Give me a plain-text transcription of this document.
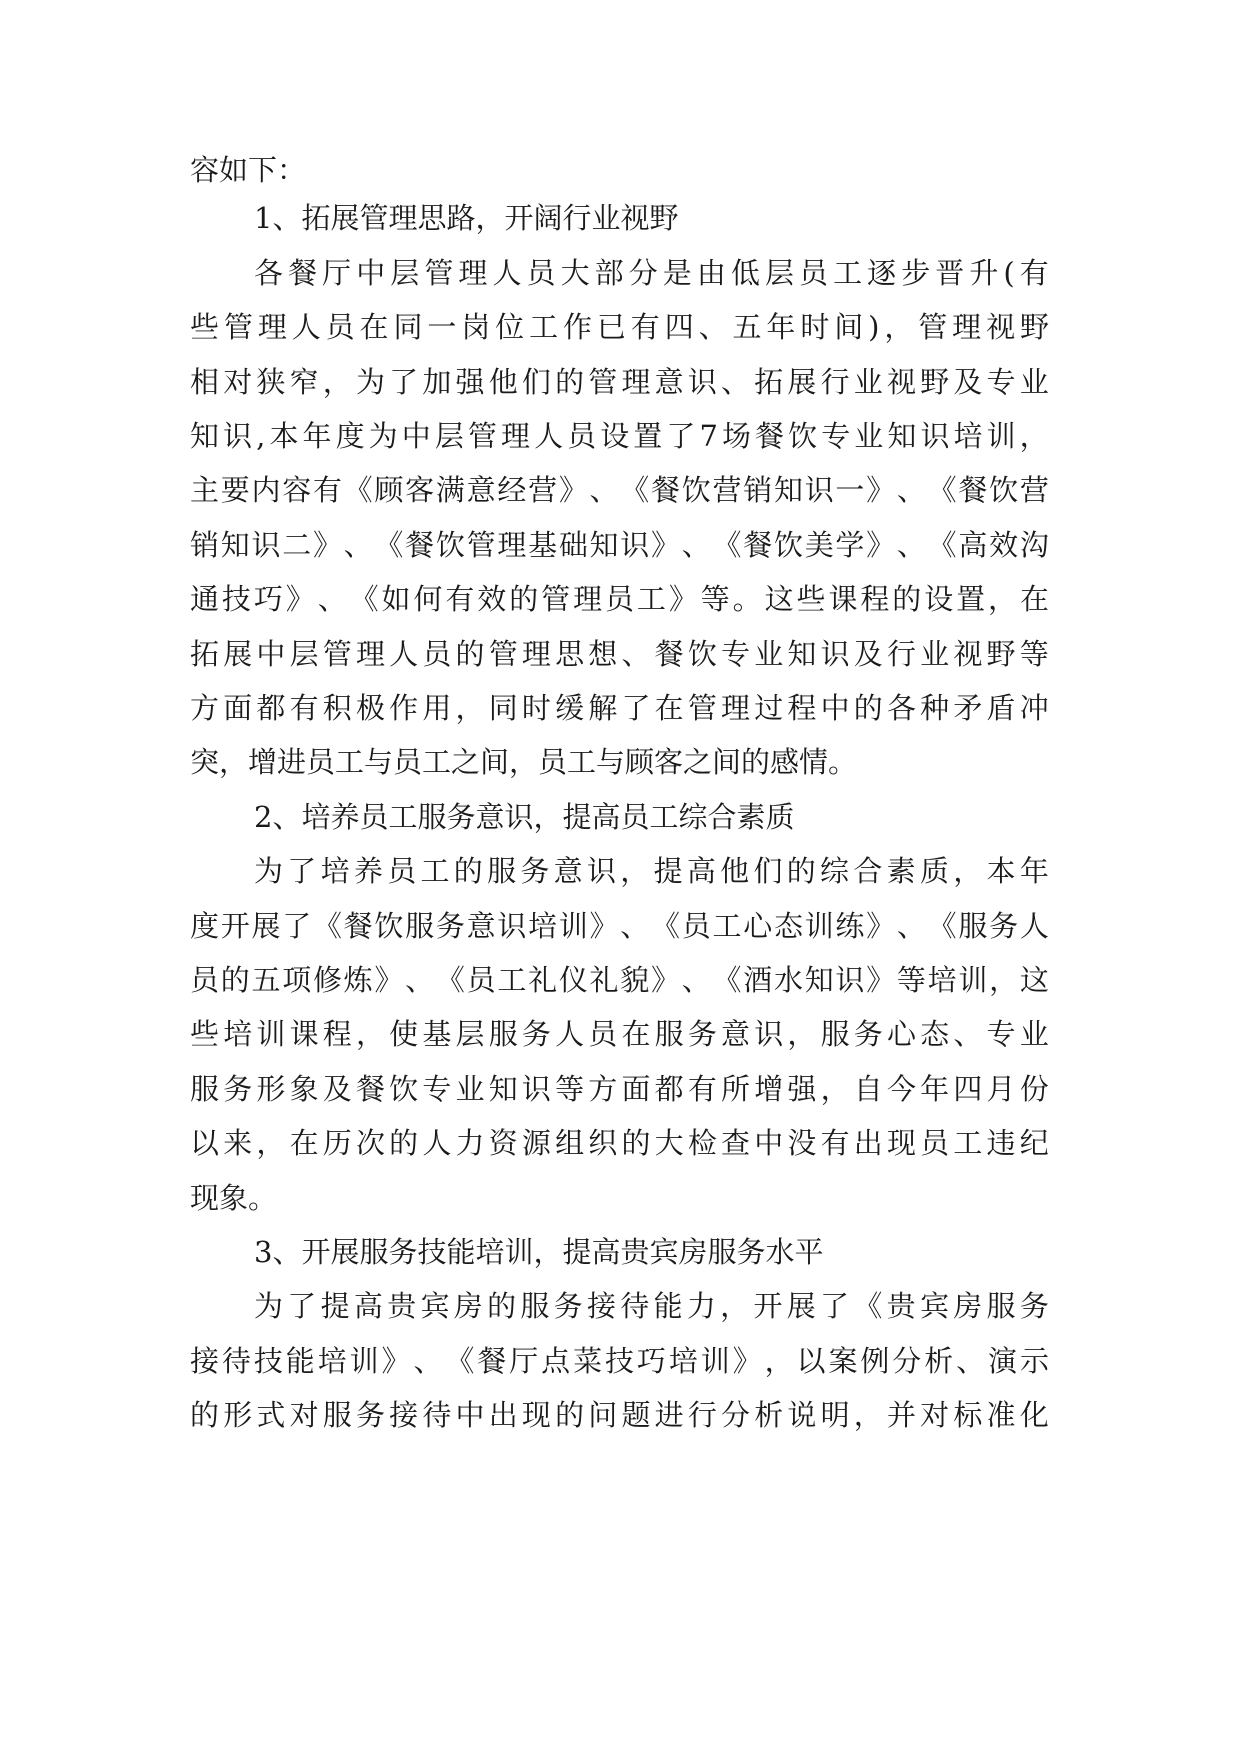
容如下：
1、拓展管理思路，开阔行业视野
各 餐 厅 中 层 管 理 人 员 大 部 分 是 由 低 层 员 工 逐 步 晋 升 ( 有
些 管 理 人 员 在 同 一 岗 位 工 作 已 有 四 、 五 年 时 间 ) ， 管 理 视 野
相 对 狭 窄 ， 为 了 加 强 他 们 的 管 理 意 识 、 拓 展 行 业 视 野 及 专 业
知 识 , 本 年 度 为 中 层 管 理 人 员 设 置 了 7 场 餐 饮 专 业 知 识 培 训 ，
主 要 内 容 有 《 顾 客 满 意 经 营 》 、 《 餐 饮 营 销 知 识 一 》 、 《 餐 饮 营
销 知 识 二 》 、 《 餐 饮 管 理 基 础 知 识 》 、 《 餐 饮 美 学 》 、 《 高 效 沟
通 技 巧 》 、 《 如 何 有 效 的 管 理 员 工 》 等 。 这 些 课 程 的 设 置 ， 在
拓 展 中 层 管 理 人 员 的 管 理 思 想 、 餐 饮 专 业 知 识 及 行 业 视 野 等
方 面 都 有 积 极 作 用 ， 同 时 缓 解 了 在 管 理 过 程 中 的 各 种 矛 盾 冲
突，增进员工与员工之间，员工与顾客之间的感情。
2、培养员工服务意识，提高员工综合素质
为 了 培 养 员 工 的 服 务 意 识 ， 提 高 他 们 的 综 合 素 质 ， 本 年
度 开 展 了 《 餐 饮 服 务 意 识 培 训 》 、 《 员 工 心 态 训 练 》 、 《 服 务 人
员 的 五 项 修 炼 》 、 《 员 工 礼 仪 礼 貌 》 、 《 酒 水 知 识 》 等 培 训 ， 这
些 培 训 课 程 ， 使 基 层 服 务 人 员 在 服 务 意 识 ， 服 务 心 态 、 专 业
服 务 形 象 及 餐 饮 专 业 知 识 等 方 面 都 有 所 增 强 ， 自 今 年 四 月 份
以 来 ， 在 历 次 的 人 力 资 源 组 织 的 大 检 查 中 没 有 出 现 员 工 违 纪
现象。
3、开展服务技能培训，提高贵宾房服务水平
为 了 提 高 贵 宾 房 的 服 务 接 待 能 力 ， 开 展 了 《 贵 宾 房 服 务
接 待 技 能 培 训 》 、 《 餐 厅 点 菜 技 巧 培 训 》 ， 以 案 例 分 析 、 演 示
的 形 式 对 服 务 接 待 中 出 现 的 问 题 进 行 分 析 说 明 ， 并 对 标 准 化
